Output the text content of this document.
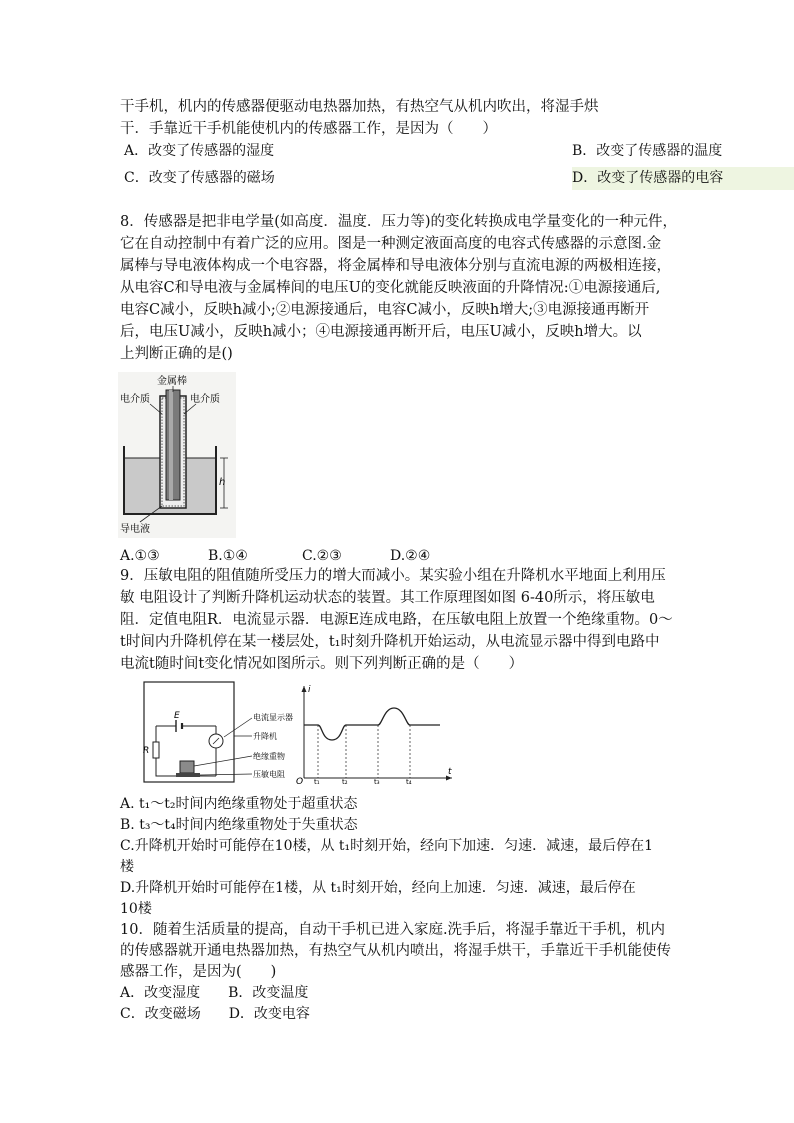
干手机，机内的传感器便驱动电热器加热，有热空气从机内吹出，将湿手烘
干．手靠近干手机能使机内的传感器工作，是因为（　　）
A．改变了传感器的湿度	B．改变了传感器的温度
C．改变了传感器的磁场	D．改变了传感器的电容
8．传感器是把非电学量(如高度．温度．压力等)的变化转换成电学量变化的一种元件，
它在自动控制中有着广泛的应用。图是一种测定液面高度的电容式传感器的示意图.金
属棒与导电液体构成一个电容器，将金属棒和导电液体分别与直流电源的两极相连接，
从电容C和导电液与金属棒间的电压U的变化就能反映液面的升降情况:①电源接通后,
电容C减小，反映h减小;②电源接通后，电容C减小，反映h增大;③电源接通再断开
后，电压U减小，反映h减小；④电源接通再断开后，电压U减小，反映h增大。以
上判断正确的是()
金属棒
电介质	电介质
h
导电液
A.①③	B.①④	C.②③	D.②④
9．压敏电阻的阻值随所受压力的增大而减小。某实验小组在升降机水平地面上利用压
敏 电阻设计了判断升降机运动状态的装置。其工作原理图如图 6-40所示，将压敏电
阻．定值电阻R．电流显示器．电源E连成电路，在压敏电阻上放置一个绝缘重物。0～
t时间内升降机停在某一楼层处，t₁时刻升降机开始运动，从电流显示器中得到电路中
电流t随时间t变化情况如图所示。则下列判断正确的是（　　）
E
R
电流显示器
升降机
绝缘重物
压敏电阻
i
t
O t₁	t₂	t₃	t₄
A. t₁～t₂时间内绝缘重物处于超重状态
B. t₃～t₄时间内绝缘重物处于失重状态
C.升降机开始时可能停在10楼，从 t₁时刻开始，经向下加速．匀速．减速，最后停在1
楼
D.升降机开始时可能停在1楼，从 t₁时刻开始，经向上加速．匀速．减速，最后停在
10楼
10．随着生活质量的提高，自动干手机已进入家庭.洗手后，将湿手靠近干手机，机内
的传感器就开通电热器加热，有热空气从机内喷出，将湿手烘干，手靠近干手机能使传
感器工作，是因为(　　)
A．改变湿度　　B．改变温度
C．改变磁场　　D．改变电容
